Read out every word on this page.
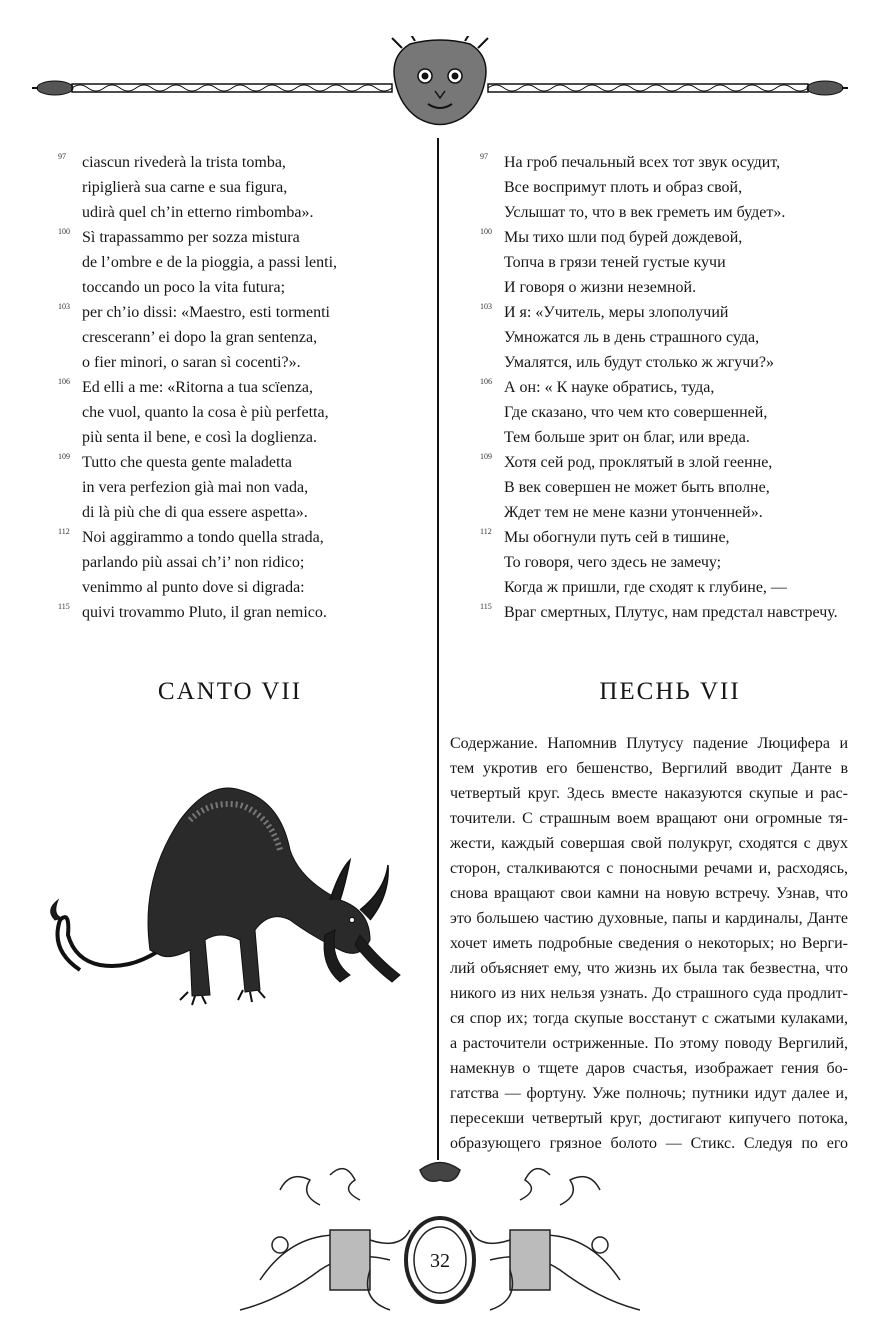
97 ciascun rivederà la trista tomba,
ripiglierà sua carne e sua figura,
udirà quel ch’in etterno rimbomba».
100 Sì trapassammo per sozza mistura
de l’ombre e de la pioggia, a passi lenti,
toccando un poco la vita futura;
103 per ch’io dissi: «Maestro, esti tormenti
crescerann’ ei dopo la gran sentenza,
o fier minori, o saran sì cocenti?».
106 Ed elli a me: «Ritorna a tua scïenza,
che vuol, quanto la cosa è più perfetta,
più senta il bene, e così la doglienza.
109 Tutto che questa gente maladetta
in vera perfezion già mai non vada,
di là più che di qua essere aspetta».
112 Noi aggirammo a tondo quella strada,
parlando più assai ch’i’ non ridico;
venimmo al punto dove si digrada:
115 quivi trovammo Pluto, il gran nemico.
97 На гроб печальный всех тот звук осудит,
Все воспримут плоть и образ свой,
Услышат то, что в век греметь им будет».
100 Мы тихо шли под бурей дождевой,
Топча в грязи теней густые кучи
И говоря о жизни неземной.
103 И я: «Учитель, меры злополучий
Умножатся ль в день страшного суда,
Умалятся, иль будут столько ж жгучи?»
106 А он: « К науке обратись, туда,
Где сказано, что чем кто совершенней,
Тем больше зрит он благ, или вреда.
109 Хотя сей род, проклятый в злой геенне,
В век совершен не может быть вполне,
Ждет тем не мене казни утонченней».
112 Мы обогнули путь сей в тишине,
То говоря, чего здесь не замечу;
Когда ж пришли, где сходят к глубине, —
115 Враг смертных, Плутус, нам предстал навстречу.
CANTO VII	ПЕСНЬ VII
Содержание. Напомнив Плутусу падение Люцифера и
тем укротив его бешенство, Вергилий вводит Данте в
четвертый круг. Здесь вместе наказуются скупые и рас-
точители. С страшным воем вращают они огромные тя-
жести, каждый совершая свой полукруг, сходятся с двух
сторон, сталкиваются с поносными речами и, расходясь,
снова вращают свои камни на новую встречу. Узнав, что
это большею частию духовные, папы и кардиналы, Данте
хочет иметь подробные сведения о некоторых; но Верги-
лий объясняет ему, что жизнь их была так безвестна, что
никого из них нельзя узнать. До страшного суда продлит-
ся спор их; тогда скупые восстанут с сжатыми кулаками,
а расточители остриженные. По этому поводу Вергилий,
намекнув о тщете даров счастья, изображает гения бо-
гатства — фортуну. Уже полночь; путники идут далее и,
пересекши четвертый круг, достигают кипучего потока,
образующего грязное болото — Стикс. Следуя по его
32
